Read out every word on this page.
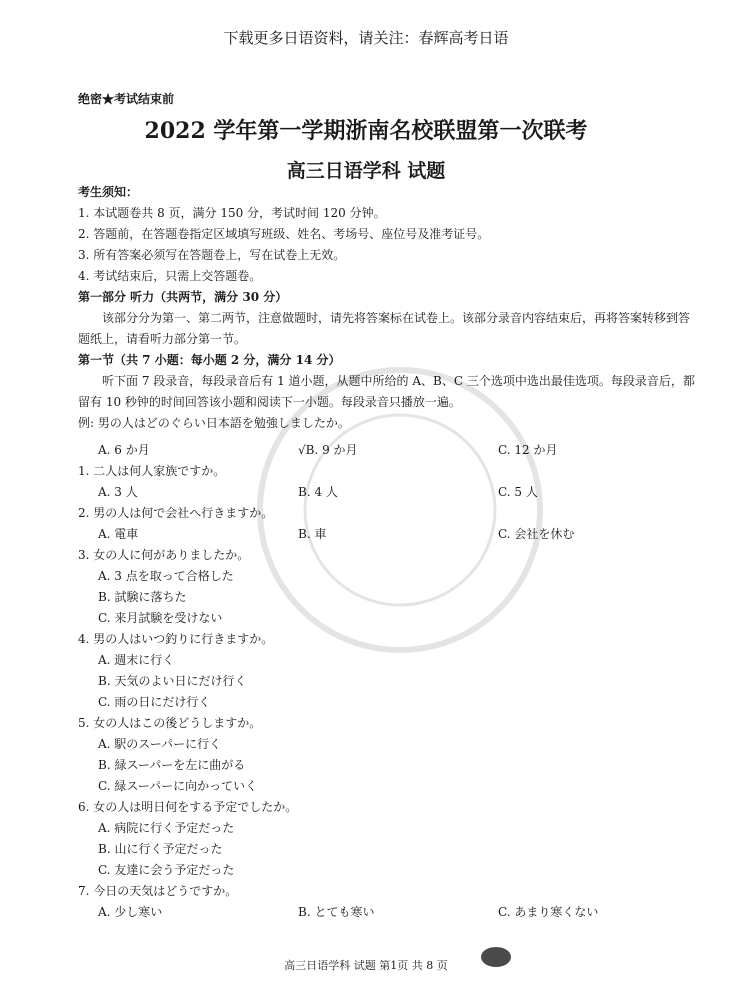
下载更多日语资料，请关注：春辉高考日语
绝密★考试结束前
2022 学年第一学期浙南名校联盟第一次联考
高三日语学科 试题
考生须知：
1. 本试题卷共 8 页，满分 150 分，考试时间 120 分钟。
2. 答题前，在答题卷指定区域填写班级、姓名、考场号、座位号及准考证号。
3. 所有答案必须写在答题卷上，写在试卷上无效。
4. 考试结束后，只需上交答题卷。
第一部分 听力（共两节，满分 30 分）
该部分分为第一、第二两节，注意做题时，请先将答案标在试卷上。该部分录音内容结束后，再将答案转移到答题纸上，请看听力部分第一节。
第一节（共 7 小题：每小题 2 分，满分 14 分）
听下面 7 段录音，每段录音后有 1 道小题，从题中所给的 A、B、C 三个选项中选出最佳选项。每段录音后，都留有 10 秒钟的时间回答该小题和阅读下一小题。每段录音只播放一遍。
例: 男の人はどのぐらい日本語を勉強しましたか。
A. 6 か月	√B. 9 か月	C. 12 か月
1. 二人は何人家族ですか。
A. 3 人	B. 4 人	C. 5 人
2. 男の人は何で会社へ行きますか。
A. 電車	B. 車	C. 会社を休む
3. 女の人に何がありましたか。
A. 3 点を取って合格した
B. 試験に落ちた
C. 来月試験を受けない
4. 男の人はいつ釣りに行きますか。
A. 週末に行く
B. 天気のよい日にだけ行く
C. 雨の日にだけ行く
5. 女の人はこの後どうしますか。
A. 駅のスーパーに行く
B. 緑スーパーを左に曲がる
C. 緑スーパーに向かっていく
6. 女の人は明日何をする予定でしたか。
A. 病院に行く予定だった
B. 山に行く予定だった
C. 友達に会う予定だった
7. 今日の天気はどうですか。
A. 少し寒い	B. とても寒い	C. あまり寒くない
高三日语学科 试题 第1页 共 8 页
